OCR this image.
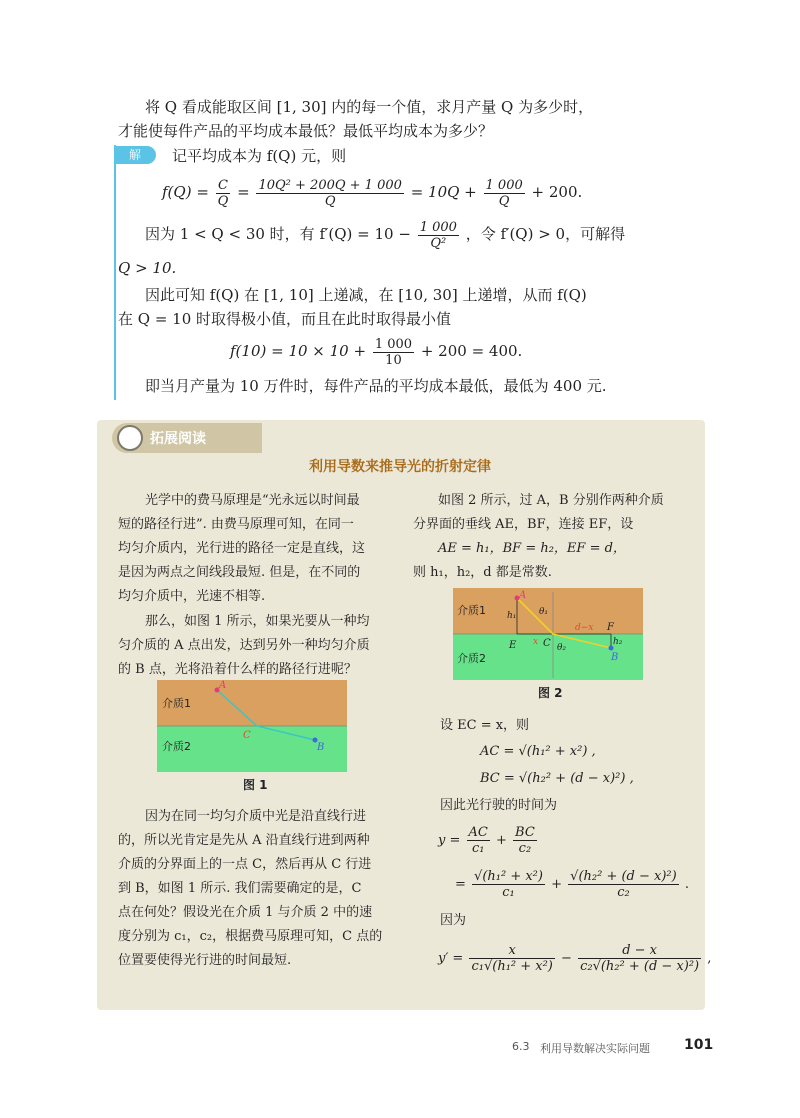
将 Q 看成能取区间 [1, 30] 内的每一个值，求月产量 Q 为多少时，
才能使每件产品的平均成本最低？最低平均成本为多少？
解	记平均成本为 f(Q) 元，则
$f(Q) = \frac{C}{Q} = \frac{\text{10Q² + 200Q + 1 000}}{Q} = 10Q + \frac{1 000}{Q} + 200$.
因为 1 < Q < 30 时，有 $f'(Q) = 10 - \frac{1 000}{\text{Q²}}$ ，令 f′(Q) > 0，可解得
Q > 10.
因此可知 f(Q) 在 [1, 10] 上递减，在 [10, 30] 上递增，从而 f(Q)
在 Q = 10 时取得极小值，而且在此时取得最小值
$f(10) = 10 \times 10 + \frac{1 000}{10} + 200 = 400$.
即当月产量为 10 万件时，每件产品的平均成本最低，最低为 400 元.
拓展阅读
利用导数来推导光的折射定律
光学中的费马原理是“光永远以时间最
短的路径行进”. 由费马原理可知，在同一
均匀介质内，光行进的路径一定是直线，这
是因为两点之间线段最短. 但是，在不同的
均匀介质中，光速不相等.
那么，如图 1 所示，如果光要从一种均
匀介质的 A 点出发，达到另外一种均匀介质
的 B 点，光将沿着什么样的路径行进呢？
介质1
介质2
A
B
C
图 1
因为在同一均匀介质中光是沿直线行进
的，所以光肯定是先从 A 沿直线行进到两种
介质的分界面上的一点 C，然后再从 C 行进
到 B，如图 1 所示. 我们需要确定的是，C
点在何处？假设光在介质 1 与介质 2 中的速
度分别为 c₁，c₂，根据费马原理可知，C 点的
位置要使得光行进的时间最短.
如图 2 所示，过 A，B 分别作两种介质
分界面的垂线 AE，BF，连接 EF，设
AE = h₁，BF = h₂，EF = d，
则 h₁，h₂，d 都是常数.
介质1
介质2
A
B
C
E
F
h₁
h₂
θ₁
θ₂
x
d−x
图 2
设 EC = x，则
AC = √(h₁² + x²) ,
BC = √(h₂² + (d − x)²) ,
因此光行驶的时间为
$y = \frac{AC}{\text{c₁}} + \frac{BC}{\text{c₂}}$
= $\frac{\text{√(h₁² + x²)}}{\text{c₁}} + \frac{\text{√(h₂² + (d − x)²)}}{\text{c₂}}$ .
因为
$y' = \frac{x}{\text{c₁√(h₁² + x²)}} - \frac{d - x}{\text{c₂√(h₂² + (d − x)²)}}$ ,
6.3 利用导数解决实际问题 101
